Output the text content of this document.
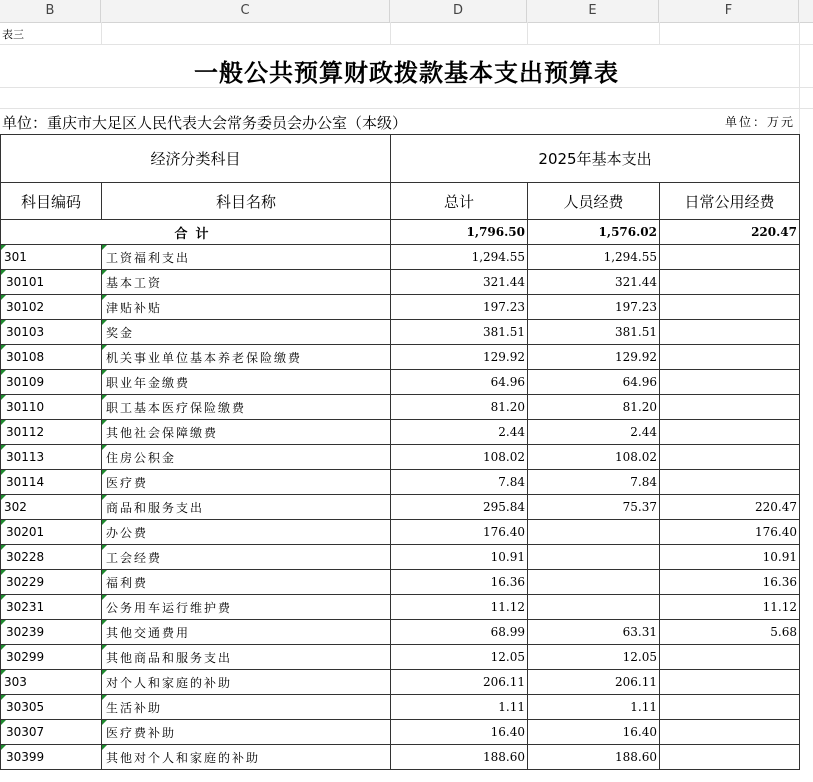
B	C	D	E	F
表三
一般公共预算财政拨款基本支出预算表
单位：重庆市大足区人民代表大会常务委员会办公室（本级）	单位：万元
经济分类科目		2025年基本支出		
科目编码	科目名称	总计	人员经费	日常公用经费
合计		1,796.50	1,576.02	220.47

301	工资福利支出	1,294.55	1,294.55	

30101	基本工资	321.44	321.44	

30102	津贴补贴	197.23	197.23	

30103	奖金	381.51	381.51	

30108	机关事业单位基本养老保险缴费	129.92	129.92	

30109	职业年金缴费	64.96	64.96	

30110	职工基本医疗保险缴费	81.20	81.20	

30112	其他社会保障缴费	2.44	2.44	

30113	住房公积金	108.02	108.02	

30114	医疗费	7.84	7.84	

302	商品和服务支出	295.84	75.37	220.47

30201	办公费	176.40		176.40

30228	工会经费	10.91		10.91

30229	福利费	16.36		16.36

30231	公务用车运行维护费	11.12		11.12

30239	其他交通费用	68.99	63.31	5.68

30299	其他商品和服务支出	12.05	12.05	

303	对个人和家庭的补助	206.11	206.11	

30305	生活补助	1.11	1.11	

30307	医疗费补助	16.40	16.40	

30399	其他对个人和家庭的补助	188.60	188.60	
